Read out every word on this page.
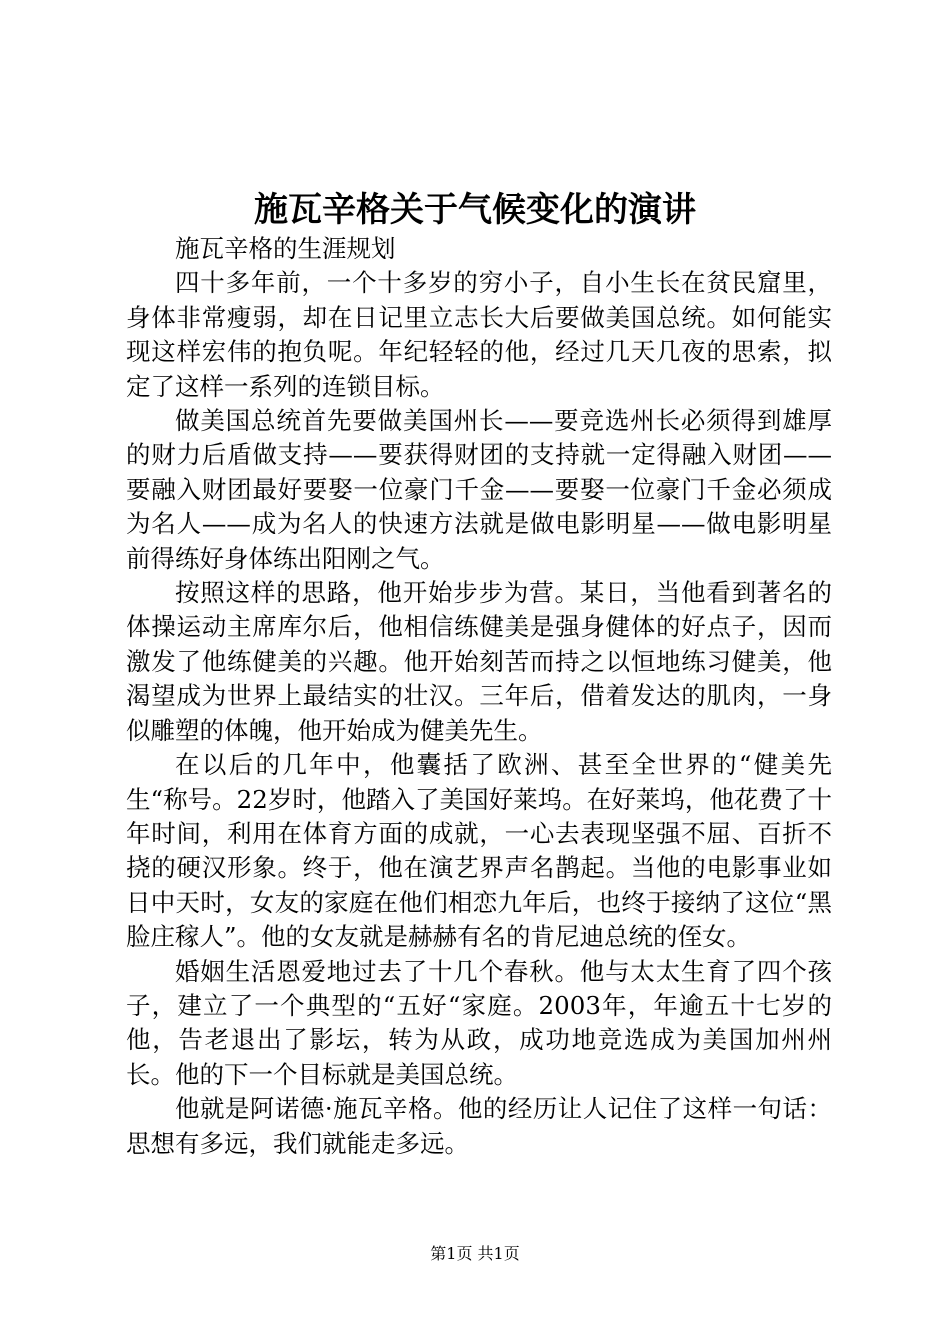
施瓦辛格关于气候变化的演讲

施瓦辛格的生涯规划

四十多年前，一个十多岁的穷小子，自小生长在贫民窟里，身体非常瘦弱，却在日记里立志长大后要做美国总统。如何能实现这样宏伟的抱负呢。年纪轻轻的他，经过几天几夜的思索，拟定了这样一系列的连锁目标。

做美国总统首先要做美国州长——要竞选州长必须得到雄厚的财力后盾做支持——要获得财团的支持就一定得融入财团——要融入财团最好要娶一位豪门千金——要娶一位豪门千金必须成为名人——成为名人的快速方法就是做电影明星——做电影明星前得练好身体练出阳刚之气。

按照这样的思路，他开始步步为营。某日，当他看到著名的体操运动主席库尔后，他相信练健美是强身健体的好点子，因而激发了他练健美的兴趣。他开始刻苦而持之以恒地练习健美，他渴望成为世界上最结实的壮汉。三年后，借着发达的肌肉，一身似雕塑的体魄，他开始成为健美先生。

在以后的几年中，他囊括了欧洲、甚至全世界的“健美先生“称号。22岁时，他踏入了美国好莱坞。在好莱坞，他花费了十年时间，利用在体育方面的成就，一心去表现坚强不屈、百折不挠的硬汉形象。终于，他在演艺界声名鹊起。当他的电影事业如日中天时，女友的家庭在他们相恋九年后，也终于接纳了这位“黑脸庄稼人”。他的女友就是赫赫有名的肯尼迪总统的侄女。

婚姻生活恩爱地过去了十几个春秋。他与太太生育了四个孩子，建立了一个典型的“五好“家庭。2003年，年逾五十七岁的他，告老退出了影坛，转为从政，成功地竞选成为美国加州州长。他的下一个目标就是美国总统。

他就是阿诺德·施瓦辛格。他的经历让人记住了这样一句话：思想有多远，我们就能走多远。

第1页 共1页
